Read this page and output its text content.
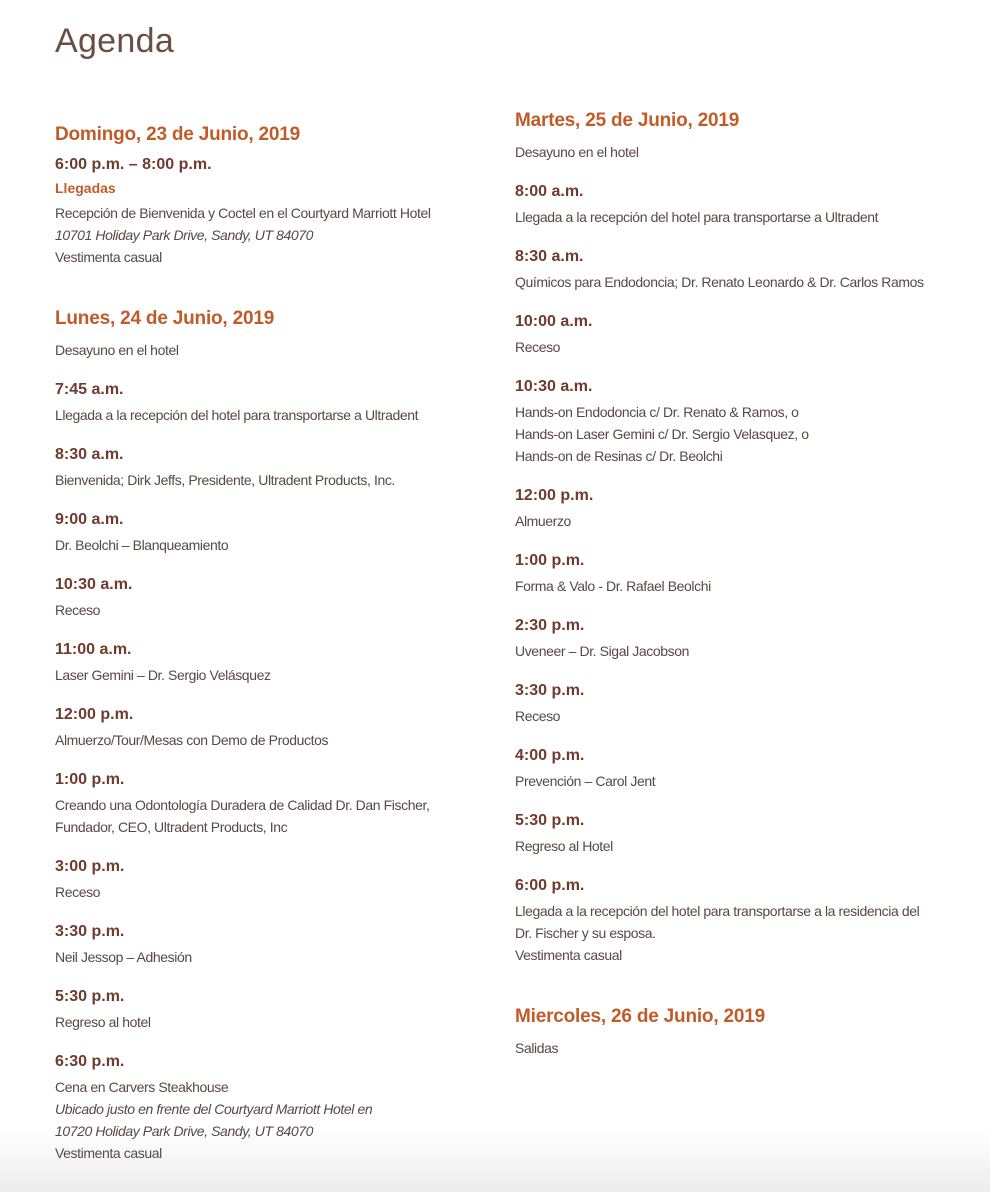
Agenda
Domingo, 23 de Junio, 2019
6:00 p.m. – 8:00 p.m.

Llegadas

Recepción de Bienvenida y Coctel en el Courtyard Marriott Hotel

10701 Holiday Park Drive, Sandy, UT 84070

Vestimenta casual

Lunes, 24 de Junio, 2019

Desayuno en el hotel

7:45 a.m.

Llegada a la recepción del hotel para transportarse a Ultradent

8:30 a.m.

Bienvenida; Dirk Jeffs, Presidente, Ultradent Products, Inc.

9:00 a.m.

Dr. Beolchi – Blanqueamiento

10:30 a.m.

Receso

11:00 a.m.

Laser Gemini – Dr. Sergio Velásquez

12:00 p.m.

Almuerzo/Tour/Mesas con Demo de Productos

1:00 p.m.

Creando una Odontología Duradera de Calidad Dr. Dan Fischer,

Fundador, CEO, Ultradent Products, Inc

3:00 p.m.

Receso

3:30 p.m.

Neil Jessop – Adhesión

5:30 p.m.

Regreso al hotel

6:30 p.m.

Cena en Carvers Steakhouse

Ubicado justo en frente del Courtyard Marriott Hotel en

10720 Holiday Park Drive, Sandy, UT 84070

Vestimenta casual

Martes, 25 de Junio, 2019

Desayuno en el hotel

8:00 a.m.

Llegada a la recepción del hotel para transportarse a Ultradent

8:30 a.m.

Químicos para Endodoncia; Dr. Renato Leonardo & Dr. Carlos Ramos

10:00 a.m.

Receso

10:30 a.m.

Hands-on Endodoncia c/ Dr. Renato & Ramos, o

Hands-on Laser Gemini c/ Dr. Sergio Velasquez, o

Hands-on de Resinas c/ Dr. Beolchi

12:00 p.m.

Almuerzo

1:00 p.m.

Forma & Valo - Dr. Rafael Beolchi

2:30 p.m.

Uveneer – Dr. Sigal Jacobson

3:30 p.m.

Receso

4:00 p.m.

Prevención – Carol Jent

5:30 p.m.

Regreso al Hotel

6:00 p.m.

Llegada a la recepción del hotel para transportarse a la residencia del Dr. Fischer y su esposa.

Vestimenta casual

Miercoles, 26 de Junio, 2019

Salidas
